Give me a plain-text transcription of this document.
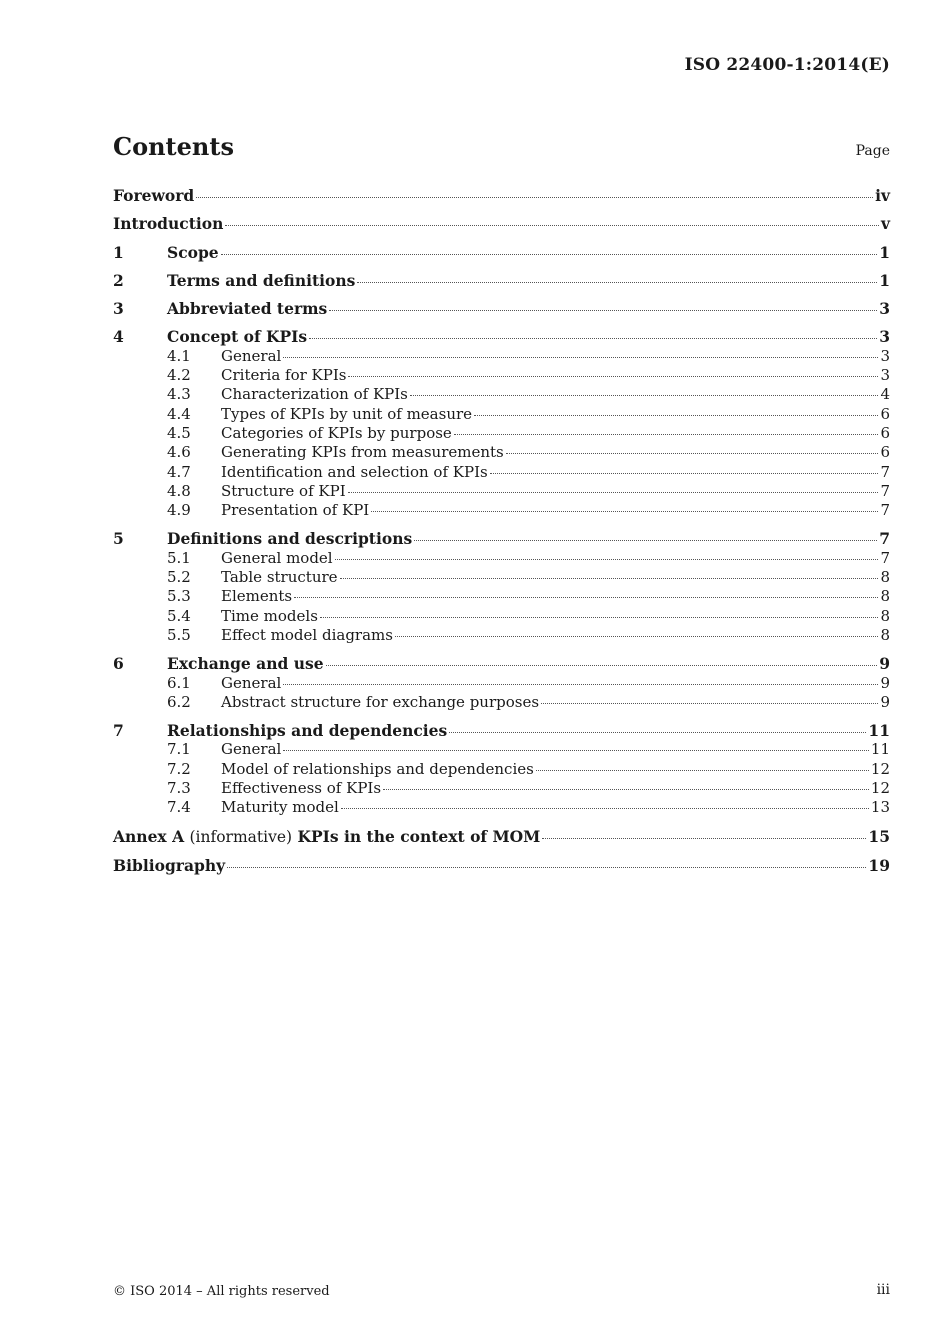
ISO 22400-1:2014(E)
Contents	Page
Foreword	iv
Introduction	v
1	Scope	1
2	Terms and definitions	1
3	Abbreviated terms	3
4	Concept of KPIs	3
4.1	General	3
4.2	Criteria for KPIs	3
4.3	Characterization of KPIs	4
4.4	Types of KPIs by unit of measure	6
4.5	Categories of KPIs by purpose	6
4.6	Generating KPIs from measurements	6
4.7	Identification and selection of KPIs	7
4.8	Structure of KPI	7
4.9	Presentation of KPI	7
5	Definitions and descriptions	7
5.1	General model	7
5.2	Table structure	8
5.3	Elements	8
5.4	Time models	8
5.5	Effect model diagrams	8
6	Exchange and use	9
6.1	General	9
6.2	Abstract structure for exchange purposes	9
7	Relationships and dependencies	11
7.1	General	11
7.2	Model of relationships and dependencies	12
7.3	Effectiveness of KPIs	12
7.4	Maturity model	13
Annex A (informative) KPIs in the context of MOM	15
Bibliography	19
© ISO 2014 – All rights reserved	iii
